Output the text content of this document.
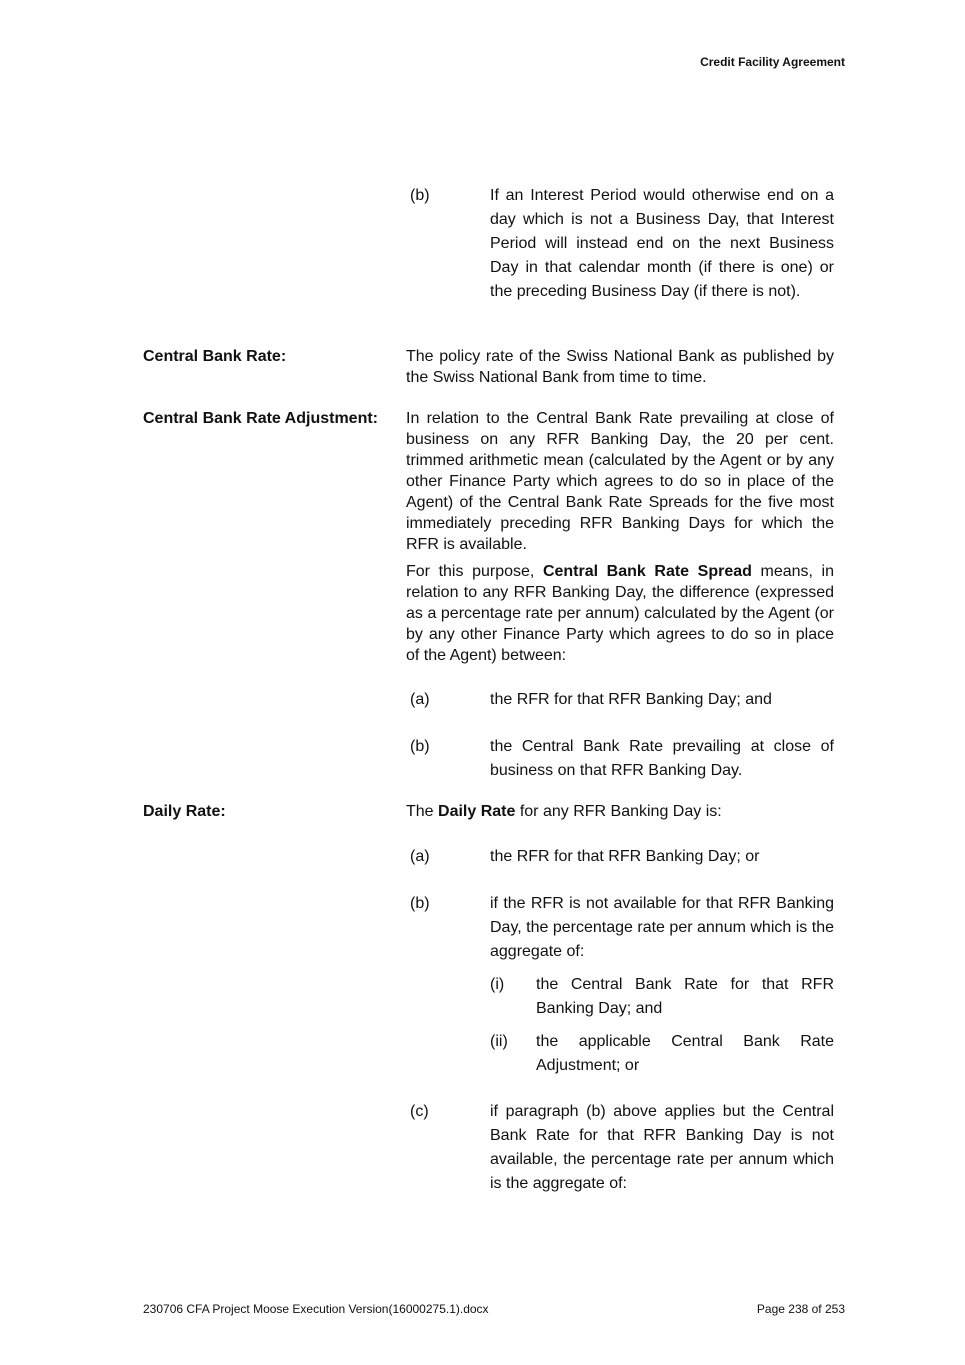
Credit Facility Agreement
(b)	If an Interest Period would otherwise end on a day which is not a Business Day, that Interest Period will instead end on the next Business Day in that calendar month (if there is one) or the preceding Business Day (if there is not).
Central Bank Rate:	The policy rate of the Swiss National Bank as published by the Swiss National Bank from time to time.
Central Bank Rate Adjustment: In relation to the Central Bank Rate prevailing at close of business on any RFR Banking Day, the 20 per cent. trimmed arithmetic mean (calculated by the Agent or by any other Finance Party which agrees to do so in place of the Agent) of the Central Bank Rate Spreads for the five most immediately preceding RFR Banking Days for which the RFR is available.
For this purpose, Central Bank Rate Spread means, in relation to any RFR Banking Day, the difference (expressed as a percentage rate per annum) calculated by the Agent (or by any other Finance Party which agrees to do so in place of the Agent) between:
(a)	the RFR for that RFR Banking Day; and
(b)	the Central Bank Rate prevailing at close of business on that RFR Banking Day.
Daily Rate:	The Daily Rate for any RFR Banking Day is:
(a)	the RFR for that RFR Banking Day; or
(b)	if the RFR is not available for that RFR Banking Day, the percentage rate per annum which is the aggregate of:
(i) the Central Bank Rate for that RFR Banking Day; and
(ii) the applicable Central Bank Rate Adjustment; or
(c)	if paragraph (b) above applies but the Central Bank Rate for that RFR Banking Day is not available, the percentage rate per annum which is the aggregate of:
230706 CFA Project Moose Execution Version(16000275.1).docx	Page 238 of 253
